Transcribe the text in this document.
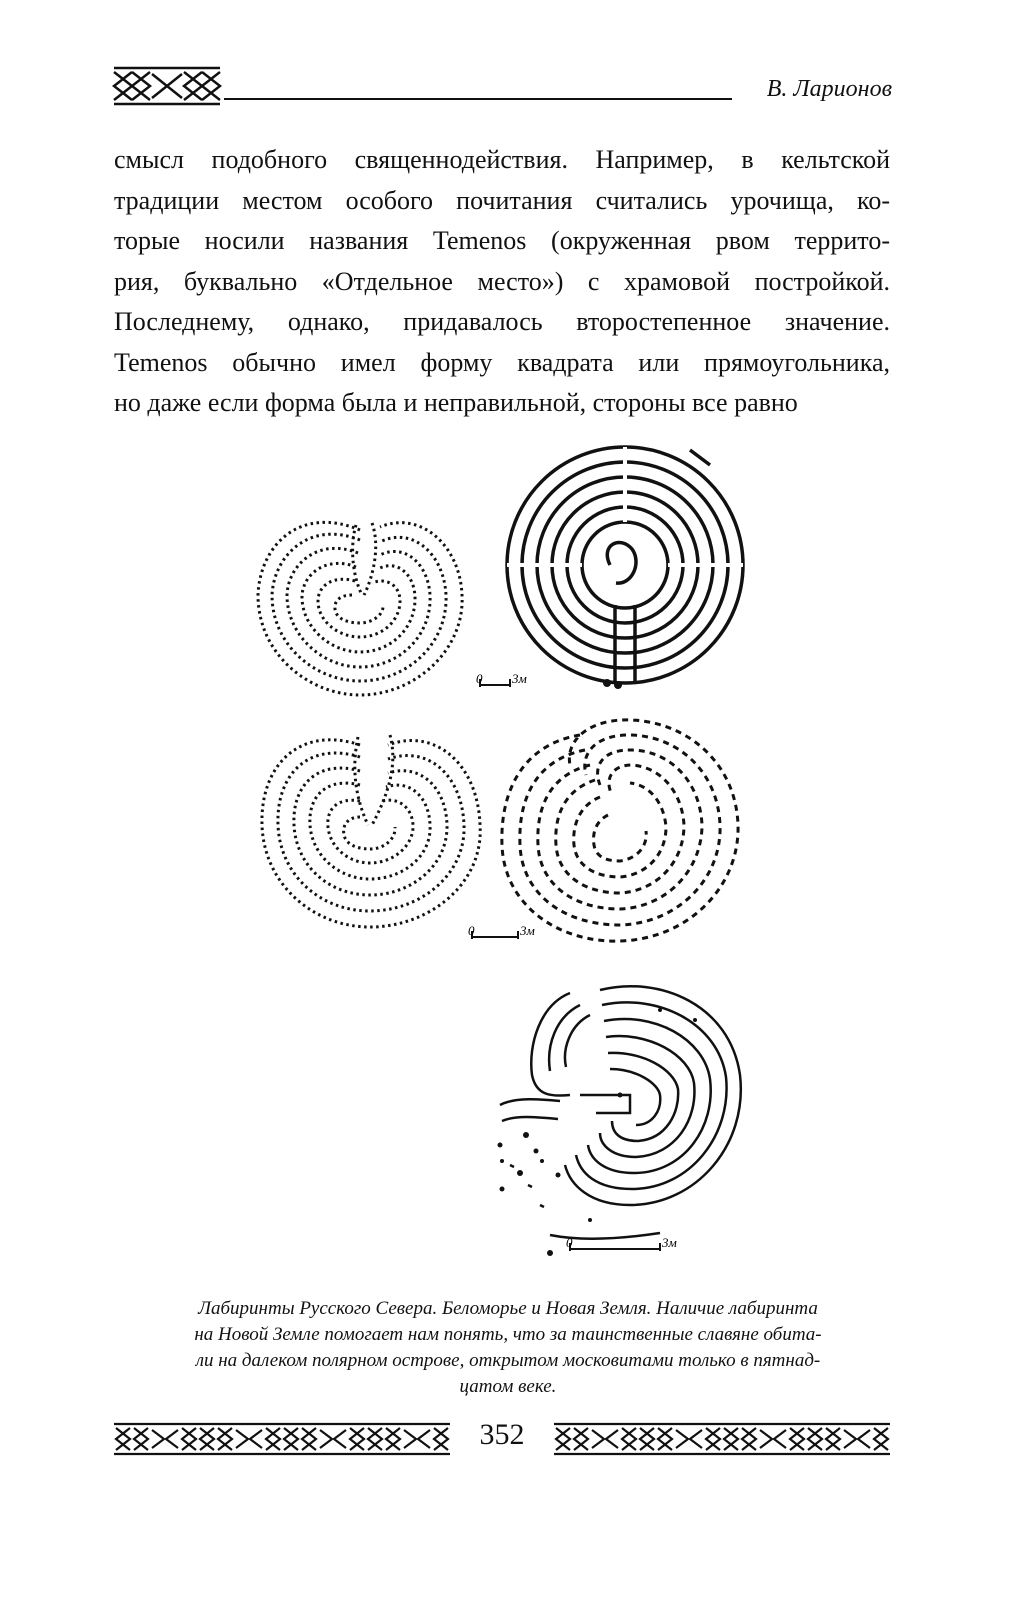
В. Ларионов
смысл подобного священнодействия. Например, в кельтской
традиции местом особого почитания считались урочища, ко-
торые носили названия Temenos (окруженная рвом террито-
рия, буквально «Отдельное место») с храмовой постройкой.
Последнему, однако, придавалось второстепенное значение.
Temenos обычно имел форму квадрата или прямоугольника,
но даже если форма была и неправильной, стороны все равно
0 3м
0	3м
0	3м
Лабиринты Русского Севера. Беломорье и Новая Земля. Наличие лабиринта
на Новой Земле помогает нам понять, что за таинственные славяне обита-
ли на далеком полярном острове, открытом московитами только в пятнад-
цатом веке.
352
